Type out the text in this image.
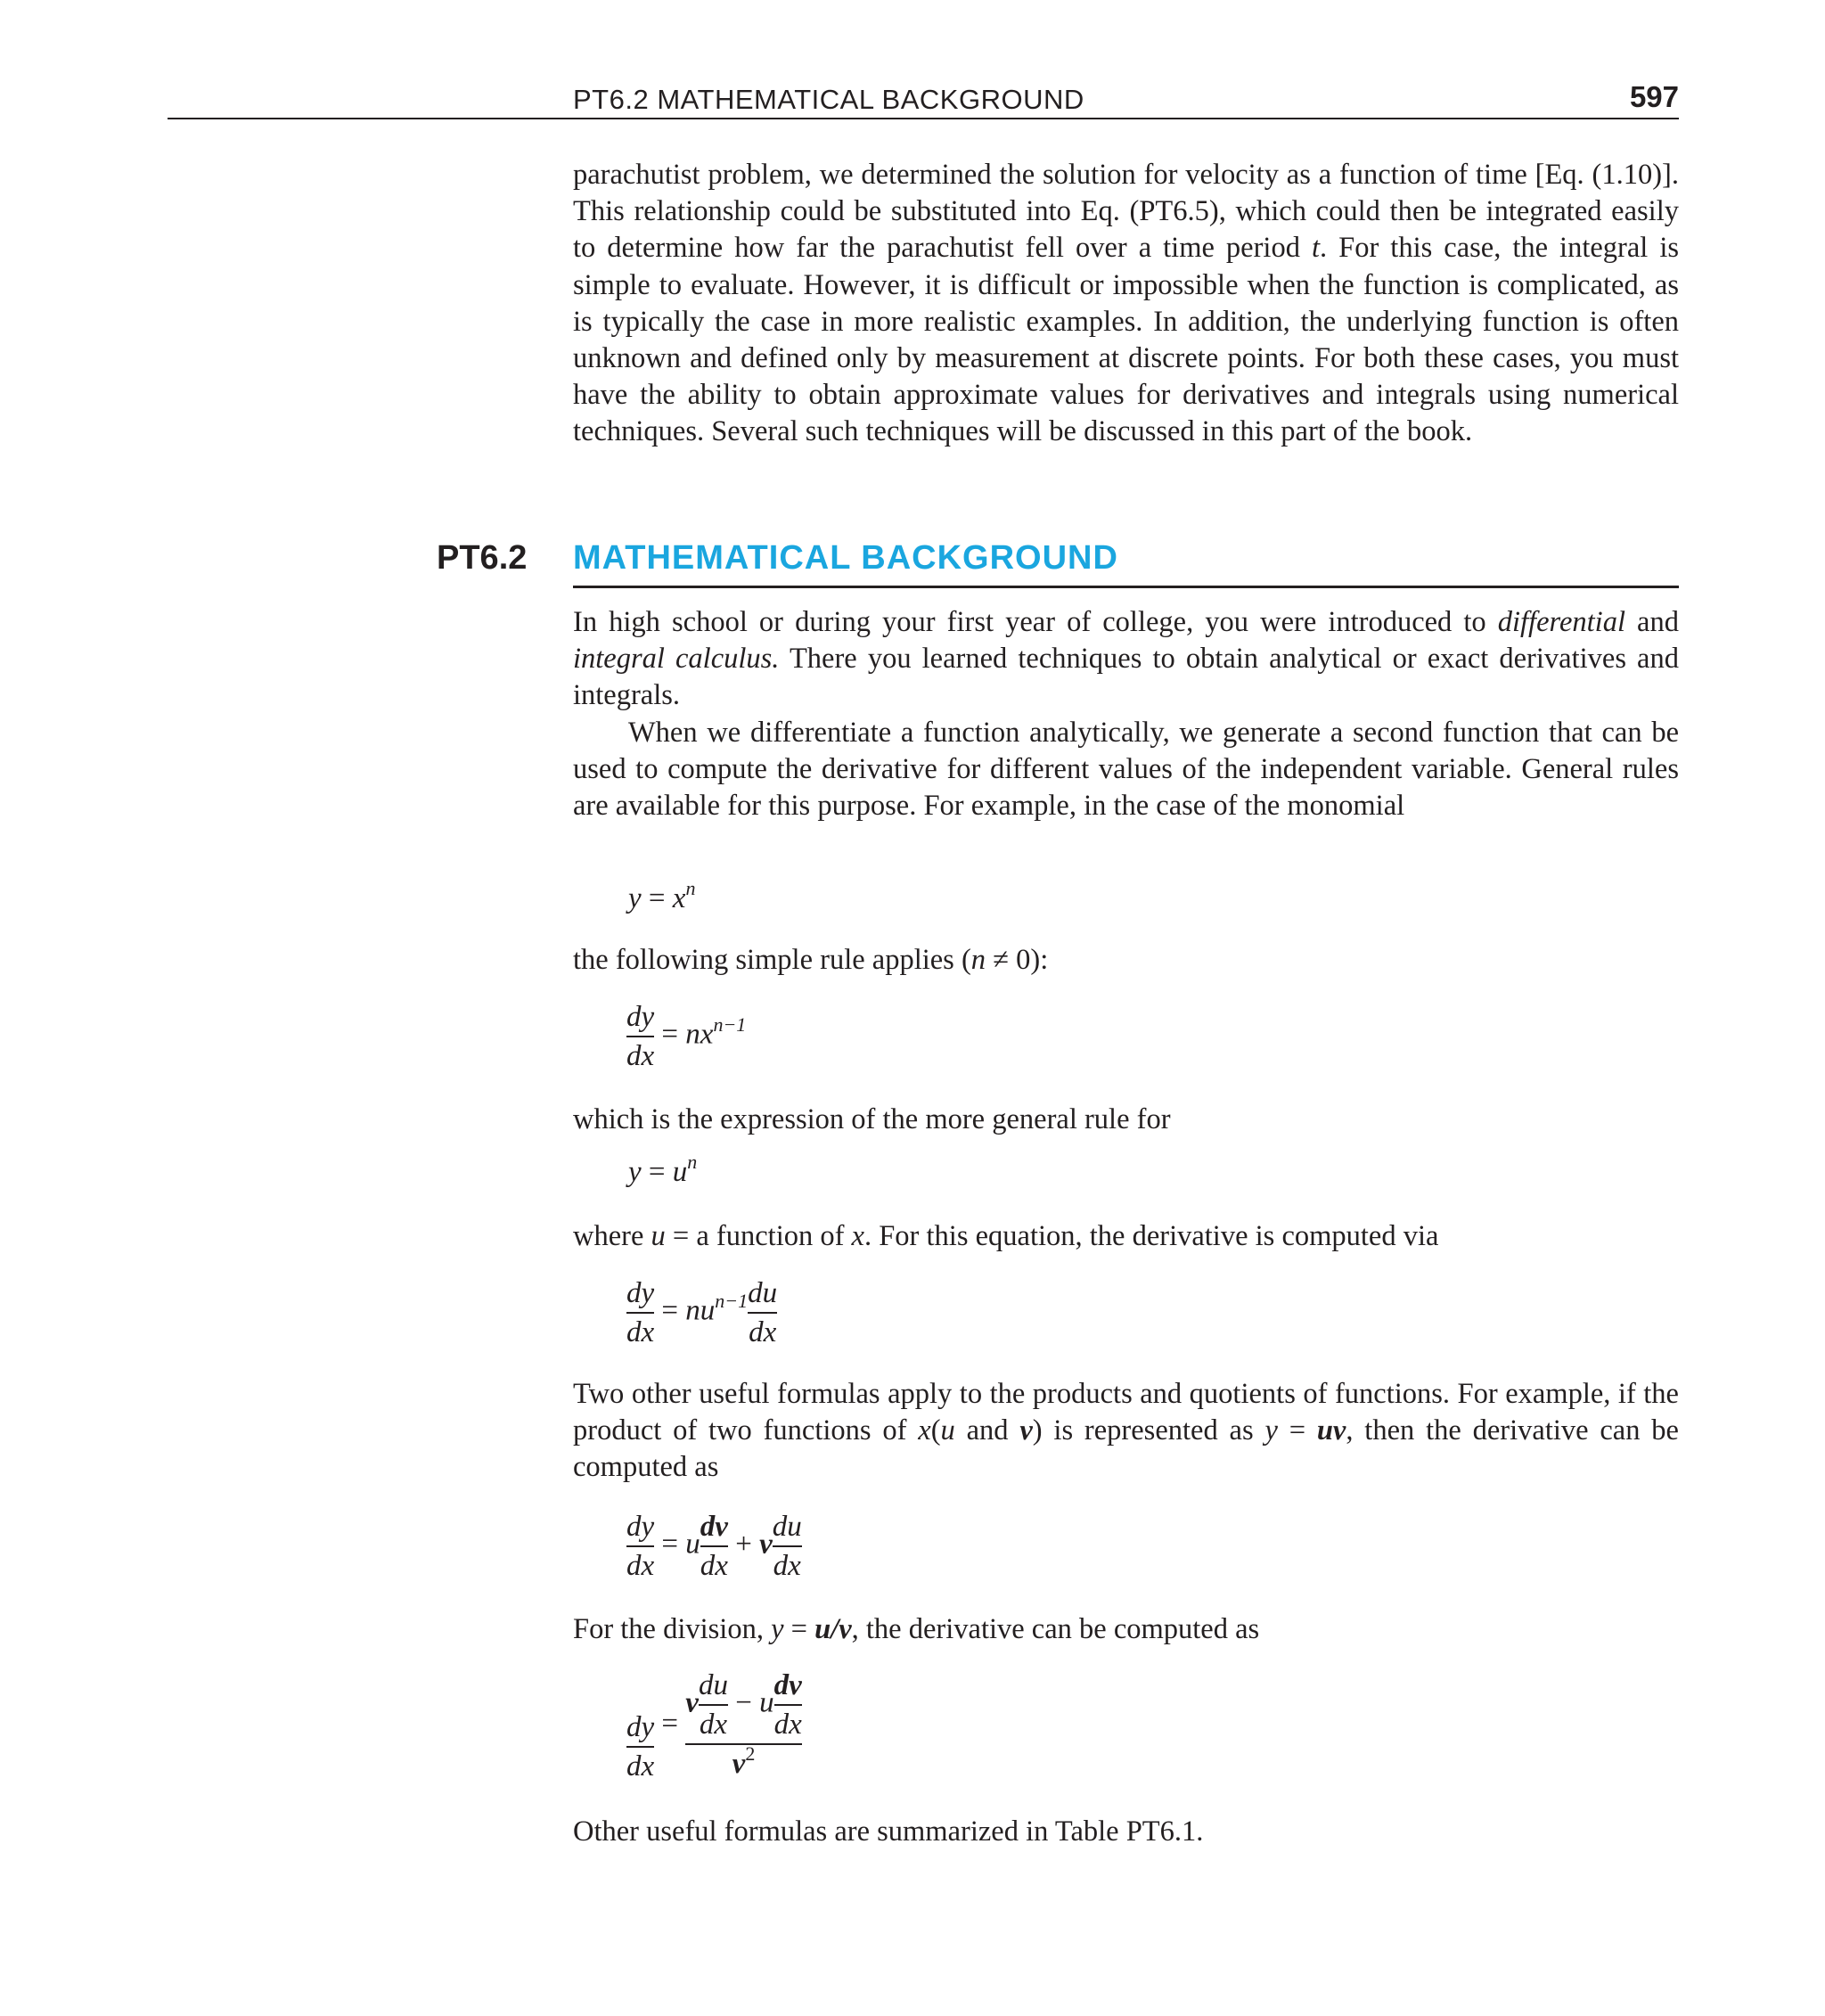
PT6.2 MATHEMATICAL BACKGROUND	597

parachutist problem, we determined the solution for velocity as a function of time [Eq. (1.10)]. This relationship could be substituted into Eq. (PT6.5), which could then be integrated easily to determine how far the parachutist fell over a time period t. For this case, the integral is simple to evaluate. However, it is difficult or impossible when the function is complicated, as is typically the case in more realistic examples. In addition, the underlying function is often unknown and defined only by measurement at discrete points. For both these cases, you must have the ability to obtain approximate values for derivatives and integrals using numerical techniques. Several such techniques will be discussed in this part of the book.

PT6.2 MATHEMATICAL BACKGROUND

In high school or during your first year of college, you were introduced to differential and integral calculus. There you learned techniques to obtain analytical or exact derivatives and integrals.

When we differentiate a function analytically, we generate a second function that can be used to compute the derivative for different values of the independent variable. General rules are available for this purpose. For example, in the case of the monomial

$y = x^n$

the following simple rule applies (n ≠ 0):

$\frac{dy}{dx} = nx^{n-1}$

which is the expression of the more general rule for

$y = u^n$

where u = a function of x. For this equation, the derivative is computed via

$\frac{dy}{dx} = nu^{n-1} \frac{du}{dx}$

Two other useful formulas apply to the products and quotients of functions. For example, if the product of two functions of x(u and v) is represented as y = uv, then the derivative can be computed as

$\frac{dy}{dx} = u \frac{dv}{dx} + v \frac{du}{dx}$

For the division, y = u/v, the derivative can be computed as

$\frac{dy}{dx} = \frac{v \frac{du}{dx} - u \frac{dv}{dx}}{v^2}$

Other useful formulas are summarized in Table PT6.1.
